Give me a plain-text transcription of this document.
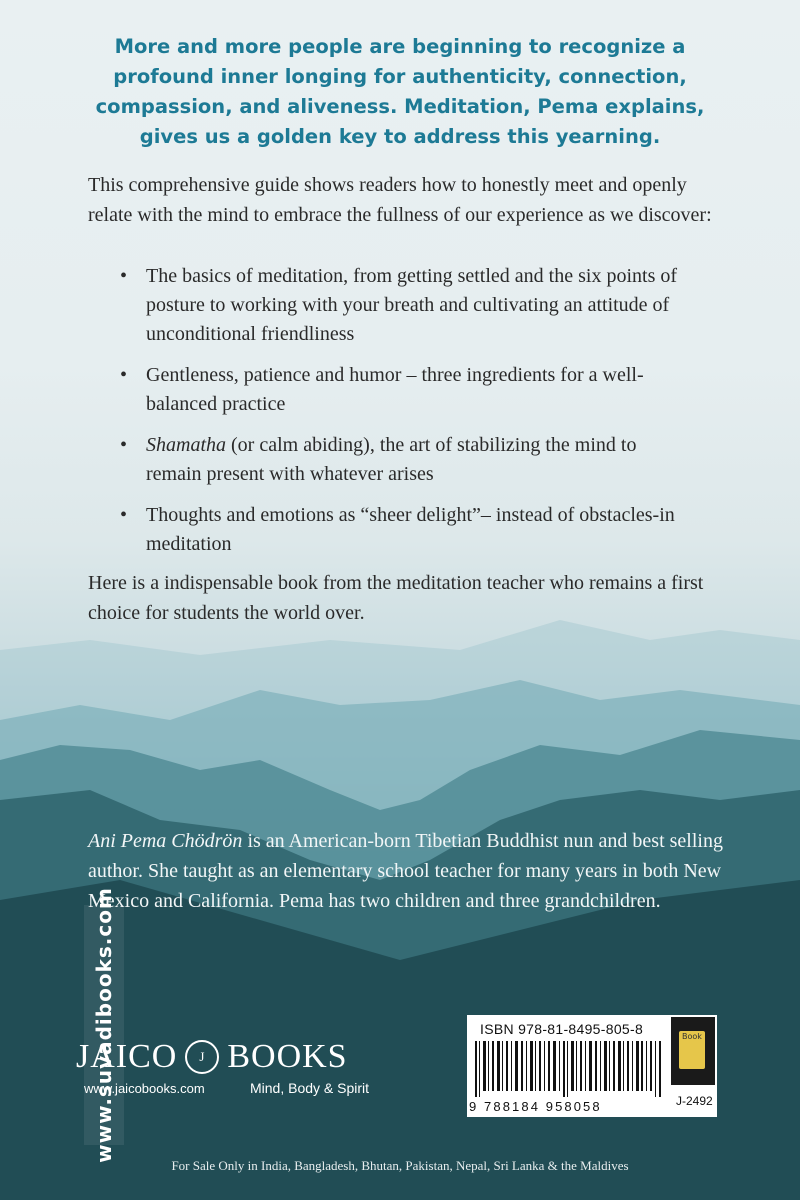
More and more people are beginning to recognize a profound inner longing for authenticity, connection, compassion, and aliveness. Meditation, Pema explains, gives us a golden key to address this yearning.
This comprehensive guide shows readers how to honestly meet and openly relate with the mind to embrace the fullness of our experience as we discover:
• The basics of meditation, from getting settled and the six points of posture to working with your breath and cultivating an attitude of unconditional friendliness
• Gentleness, patience and humor – three ingredients for a well-balanced practice
• Shamatha (or calm abiding), the art of stabilizing the mind to remain present with whatever arises
• Thoughts and emotions as “sheer delight”– instead of obstacles-in meditation
Here is a indispensable book from the meditation teacher who remains a first choice for students the world over.
Ani Pema Chödrön is an American-born Tibetian Buddhist nun and best selling author. She taught as an elementary school teacher for many years in both New Mexico and California. Pema has two children and three grandchildren.
JAICO J BOOKS
www.jaicobooks.com	Mind, Body & Spirit
ISBN 978-81-8495-805-8
9 788184 958058
Book
J-2492
For Sale Only in India, Bangladesh, Bhutan, Pakistan, Nepal, Sri Lanka & the Maldives
www.suvadibooks.com
